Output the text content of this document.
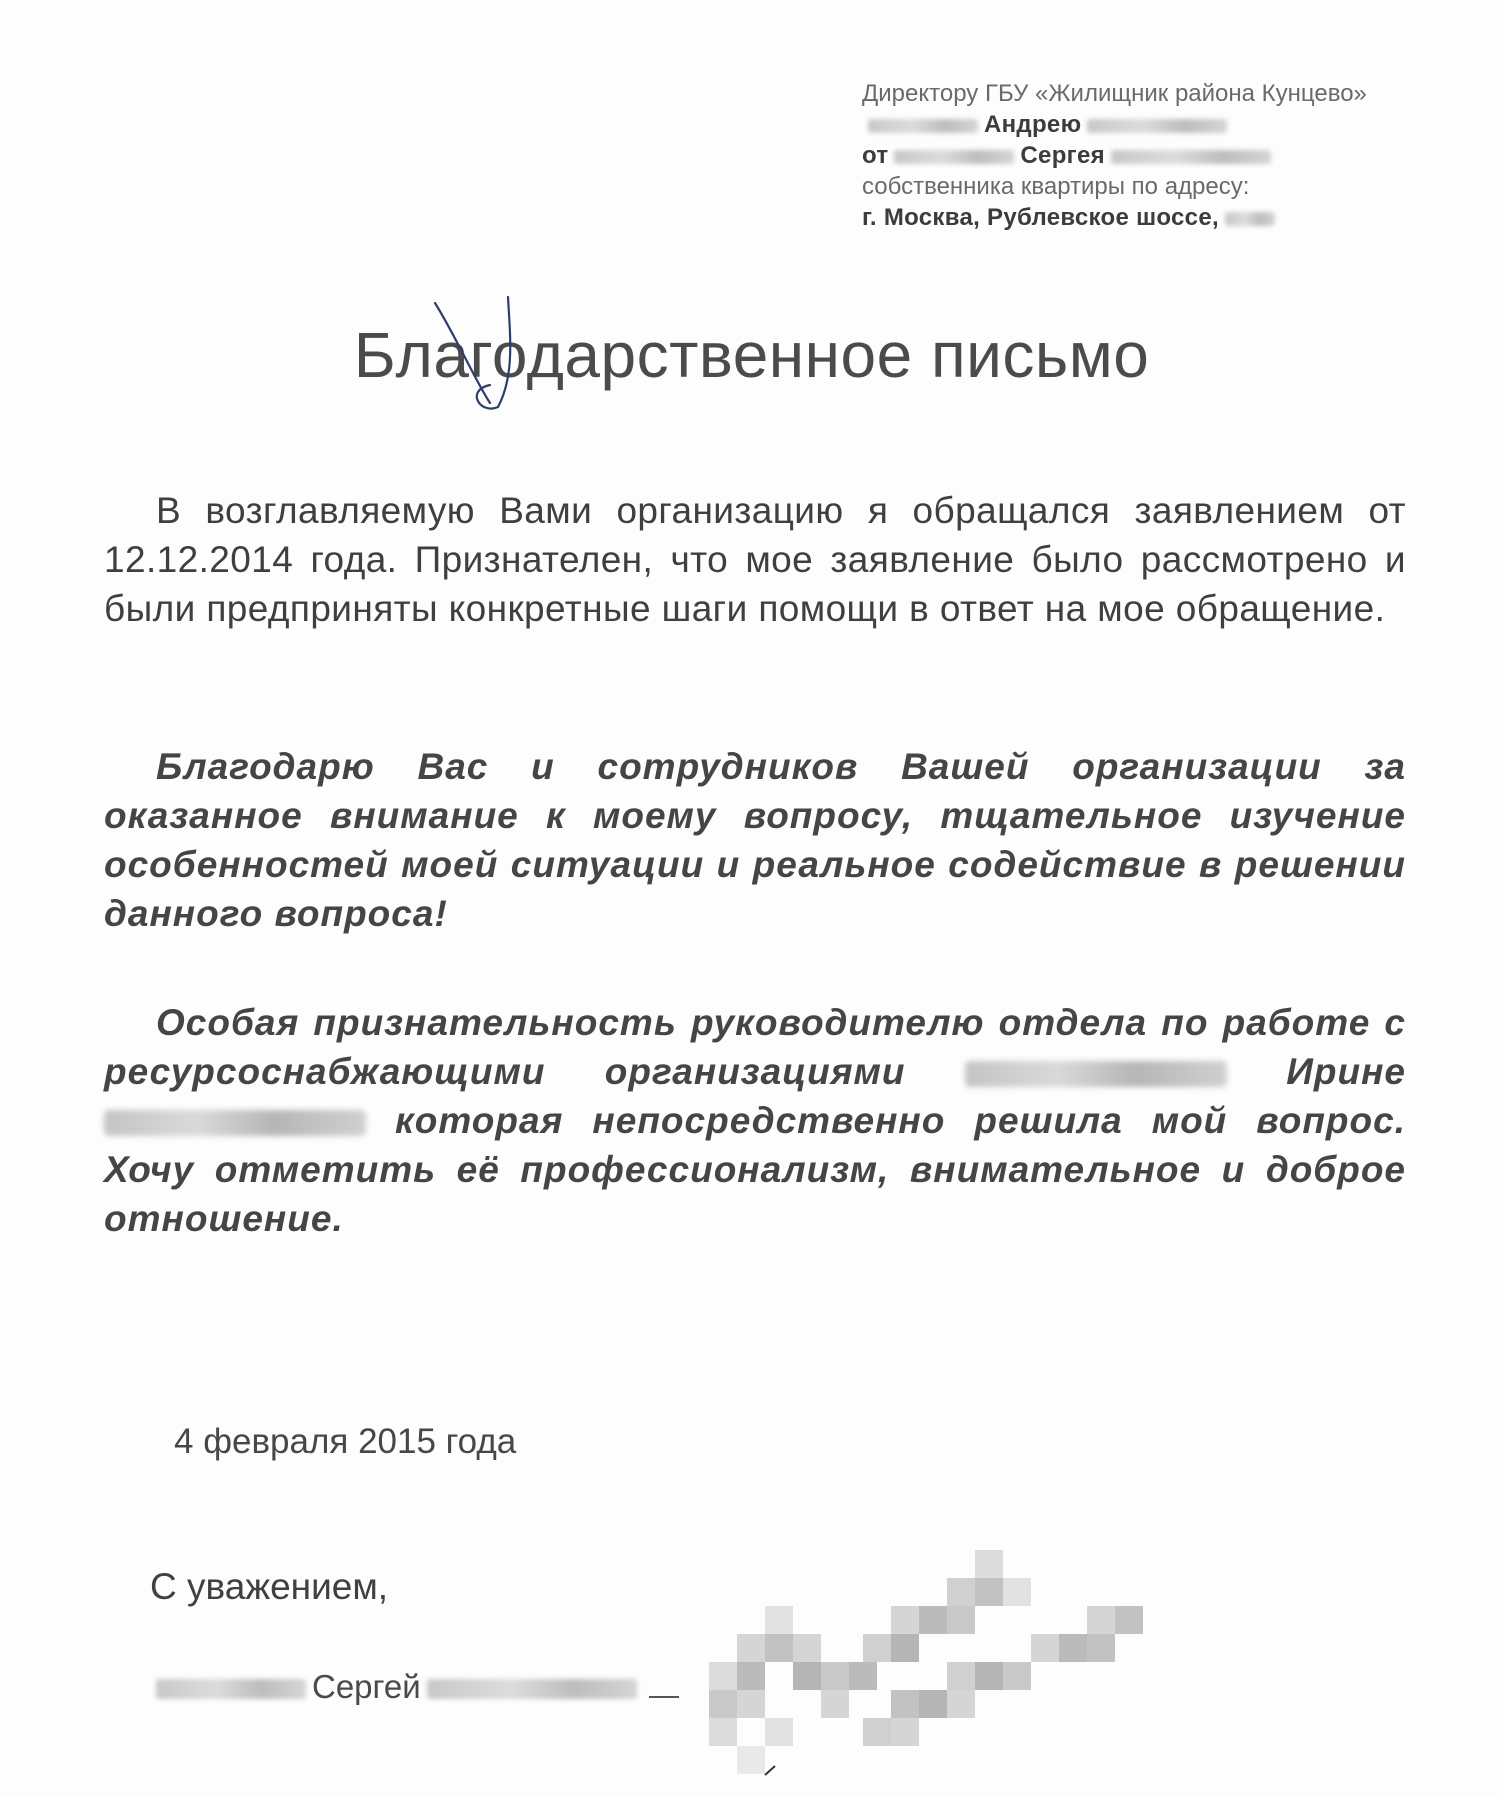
Директору ГБУ «Жилищник района Кунцево»
Андрею
от	Сергея
собственника квартиры по адресу:
г. Москва, Рублевское шоссе,
Благодарственное письмо
В возглавляемую Вами организацию я обращался заявлением от 12.12.2014 года. Признателен, что мое заявление было рассмотрено и были предприняты конкретные шаги помощи в ответ на мое обращение.
Благодарю Вас и сотрудников Вашей организации за оказанное внимание к моему вопросу, тщательное изучение особенностей моей ситуации и реальное содействие в решении данного вопроса!
Особая признательность руководителю отдела по работе с ресурсоснабжающими организациями	Ирине  которая непосредственно решила мой вопрос. Хочу отметить её профессионализм, внимательное и доброе отношение.
4 февраля 2015 года
С уважением,
Сергей
